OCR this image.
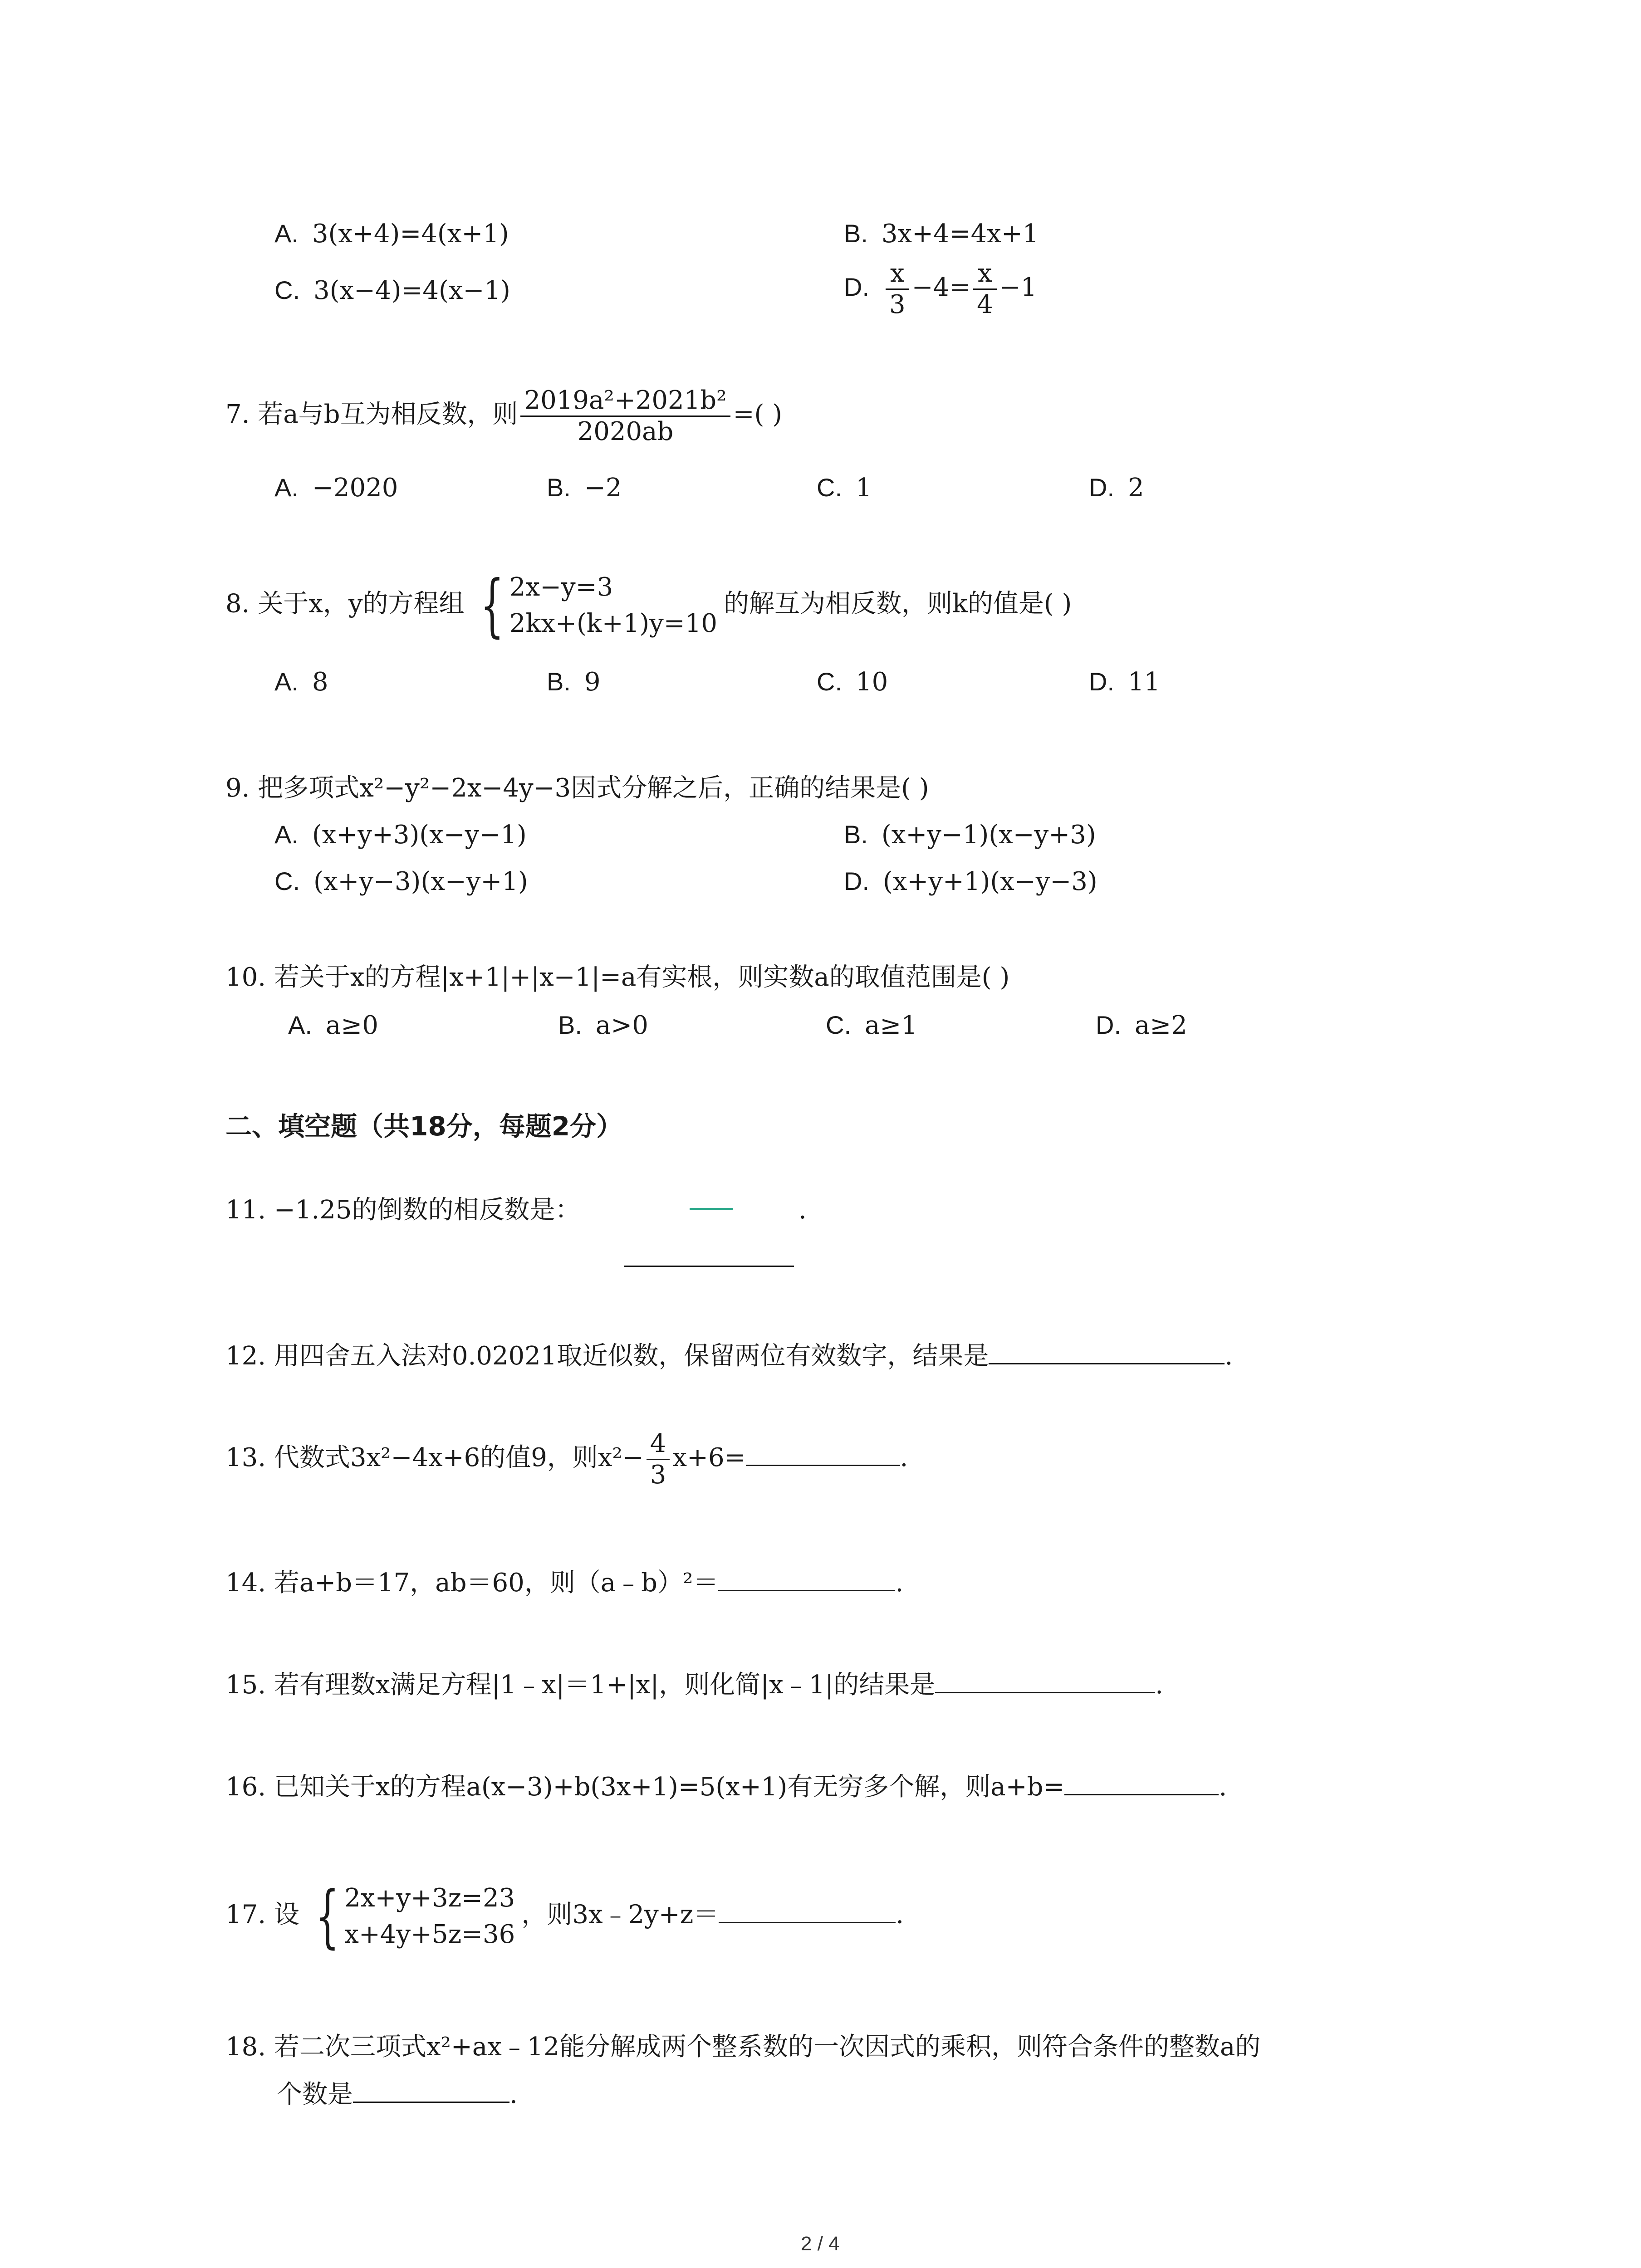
A. 3(x+4)=4(x+1)	B. 3x+4=4x+1
C. 3(x−4)=4(x−1)	D. $\frac{x}{3} -4= \frac{x}{4} -1$
7. 若a与b互为相反数，则 $\frac{\text{2019a²+2021b²}}{2020ab}$ =( )
A. −2020	B. −2	C. 1	D. 2
8. 关于x，y的方程组 { 2x−y=3
2kx+(k+1)y=10
的解互为相反数，则k的值是( )
A. 8	B. 9	C. 10	D. 11
9. 把多项式x²−y²−2x−4y−3因式分解之后，正确的结果是( )
A. (x+y+3)(x−y−1)	B. (x+y−1)(x−y+3)
C. (x+y−3)(x−y+1)	D. (x+y+1)(x−y−3)
10. 若关于x的方程|x+1|+|x−1|=a有实根，则实数a的取值范围是( )
A. a≥0	B. a>0	C. a≥1	D. a≥2
二、填空题（共18分，每题2分）
11. −1.25的倒数的相反数是：	.
12. 用四舍五入法对0.02021取近似数，保留两位有效数字，结果是	.
13. 代数式3x²−4x+6的值9，则$x^2- \frac{4}{3} x+6=$	.
14. 若a+b＝17，ab＝60，则（a﹣b）²＝	.
15. 若有理数x满足方程|1﹣x|＝1+|x|，则化简|x﹣1|的结果是	.
16. 已知关于x的方程a(x−3)+b(3x+1)=5(x+1)有无穷多个解，则a+b=	.
17. 设 { 2x+y+3z=23
x+4y+5z=36
，则3x﹣2y+z＝	.
18. 若二次三项式x²+ax﹣12能分解成两个整系数的一次因式的乘积，则符合条件的整数a的
个数是	.
2 / 4
